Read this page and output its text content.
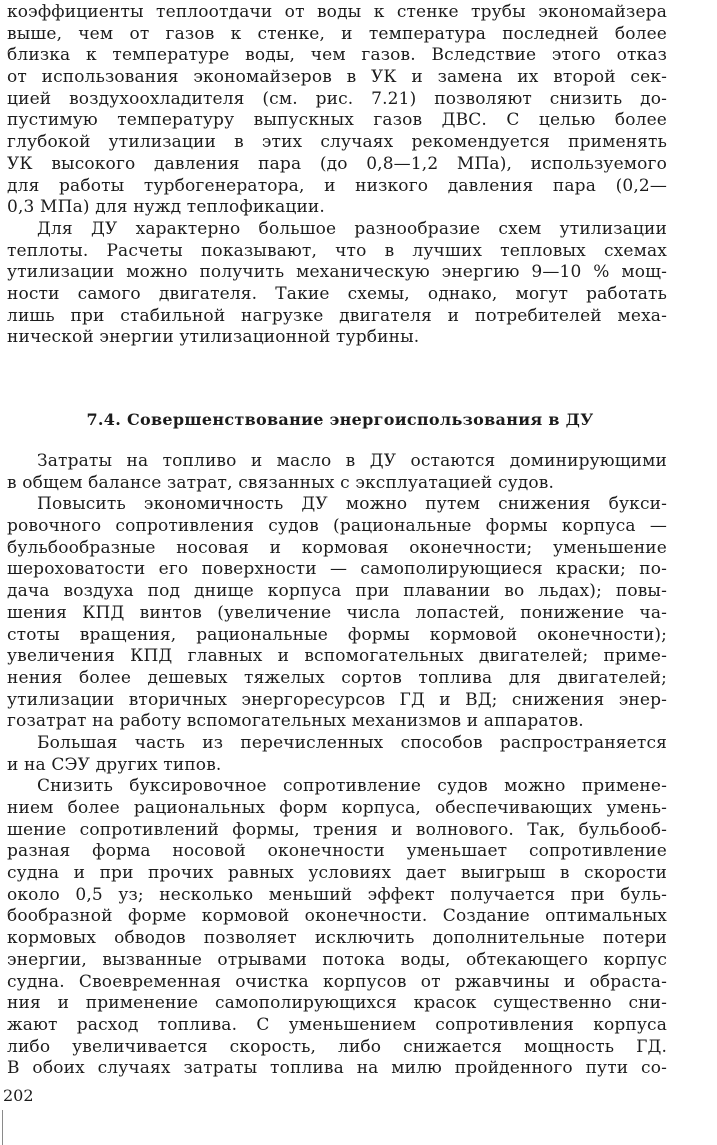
коэффициенты теплоотдачи от воды к стенке трубы экономайзера
выше, чем от газов к стенке, и температура последней более
близка к температуре воды, чем газов. Вследствие этого отказ
от использования экономайзеров в УК и замена их второй сек-
цией воздухоохладителя (см. рис. 7.21) позволяют снизить до-
пустимую температуру выпускных газов ДВС. С целью более
глубокой утилизации в этих случаях рекомендуется применять
УК высокого давления пара (до 0,8—1,2 МПа), используемого
для работы турбогенератора, и низкого давления пара (0,2—
0,3 МПа) для нужд теплофикации.
Для ДУ характерно большое разнообразие схем утилизации
теплоты. Расчеты показывают, что в лучших тепловых схемах
утилизации можно получить механическую энергию 9—10 % мощ-
ности самого двигателя. Такие схемы, однако, могут работать
лишь при стабильной нагрузке двигателя и потребителей меха-
нической энергии утилизационной турбины.
7.4. Совершенствование энергоиспользования в ДУ
Затраты на топливо и масло в ДУ остаются доминирующими
в общем балансе затрат, связанных с эксплуатацией судов.
Повысить экономичность ДУ можно путем снижения букси-
ровочного сопротивления судов (рациональные формы корпуса —
бульбообразные носовая и кормовая оконечности; уменьшение
шероховатости его поверхности — самополирующиеся краски; по-
дача воздуха под днище корпуса при плавании во льдах); повы-
шения КПД винтов (увеличение числа лопастей, понижение ча-
стоты вращения, рациональные формы кормовой оконечности);
увеличения КПД главных и вспомогательных двигателей; приме-
нения более дешевых тяжелых сортов топлива для двигателей;
утилизации вторичных энергоресурсов ГД и ВД; снижения энер-
гозатрат на работу вспомогательных механизмов и аппаратов.
Большая часть из перечисленных способов распространяется
и на СЭУ других типов.
Снизить буксировочное сопротивление судов можно примене-
нием более рациональных форм корпуса, обеспечивающих умень-
шение сопротивлений формы, трения и волнового. Так, бульбооб-
разная форма носовой оконечности уменьшает сопротивление
судна и при прочих равных условиях дает выигрыш в скорости
около 0,5 уз; несколько меньший эффект получается при буль-
бообразной форме кормовой оконечности. Создание оптимальных
кормовых обводов позволяет исключить дополнительные потери
энергии, вызванные отрывами потока воды, обтекающего корпус
судна. Своевременная очистка корпусов от ржавчины и обраста-
ния и применение самополирующихся красок существенно сни-
жают расход топлива. С уменьшением сопротивления корпуса
либо увеличивается скорость, либо снижается мощность ГД.
В обоих случаях затраты топлива на милю пройденного пути со-
202
